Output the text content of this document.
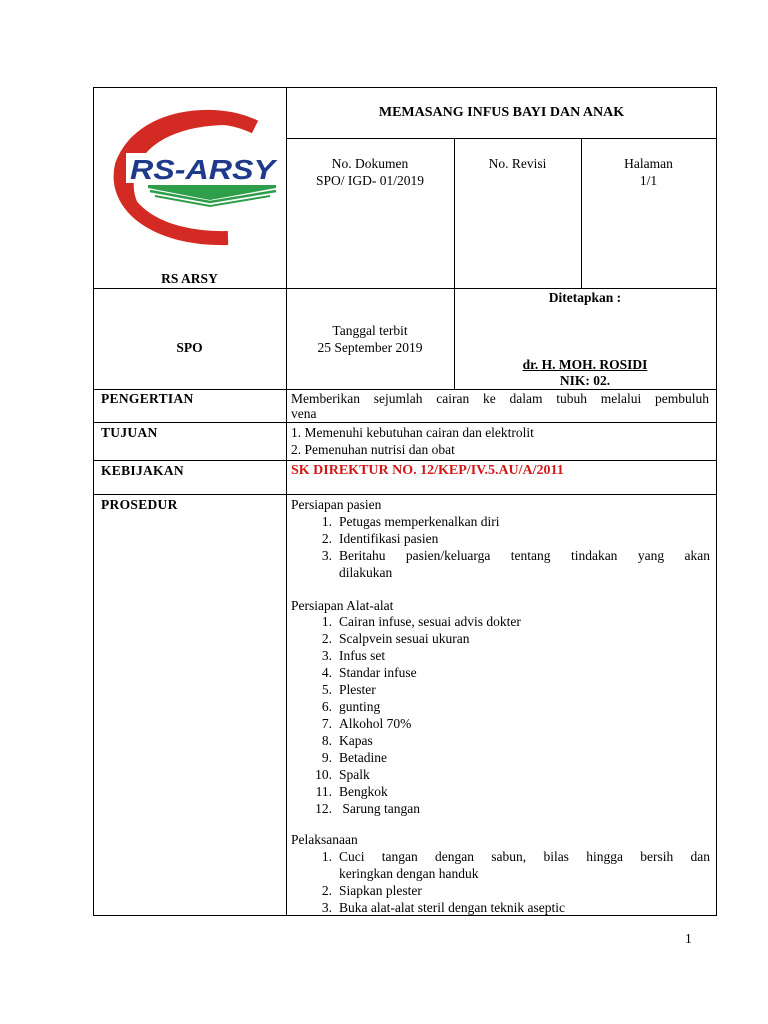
RS-ARSY
MEMASANG INFUS BAYI DAN ANAK
RS ARSY
No. Dokumen
SPO/ IGD- 01/2019
No. Revisi	Halaman
1/1
SPO
Tanggal terbit
25 September 2019
Ditetapkan :
dr. H. MOH. ROSIDI
NIK: 02.
PENGERTIAN
TUJUAN
KEBIJAKAN
PROSEDUR
Memberikan sejumlah cairan ke dalam tubuh melalui pembuluh
vena
1. Memenuhi kebutuhan cairan dan elektrolit
2. Pemenuhan nutrisi dan obat
SK DIREKTUR NO. 12/KEP/IV.5.AU/A/2011
Persiapan pasien
1. Petugas memperkenalkan diri
2. Identifikasi pasien
3. Beritahu pasien/keluarga tentang tindakan yang akan
dilakukan
Persiapan Alat-alat
1. Cairan infuse, sesuai advis dokter
2. Scalpvein sesuai ukuran
3. Infus set
4. Standar infuse
5. Plester
6. gunting
7. Alkohol 70%
8. Kapas
9. Betadine
10. Spalk
11. Bengkok
12. Sarung tangan
Pelaksanaan
1. Cuci tangan dengan sabun, bilas hingga bersih dan
keringkan dengan handuk
2. Siapkan plester
3. Buka alat-alat steril dengan teknik aseptic
1
